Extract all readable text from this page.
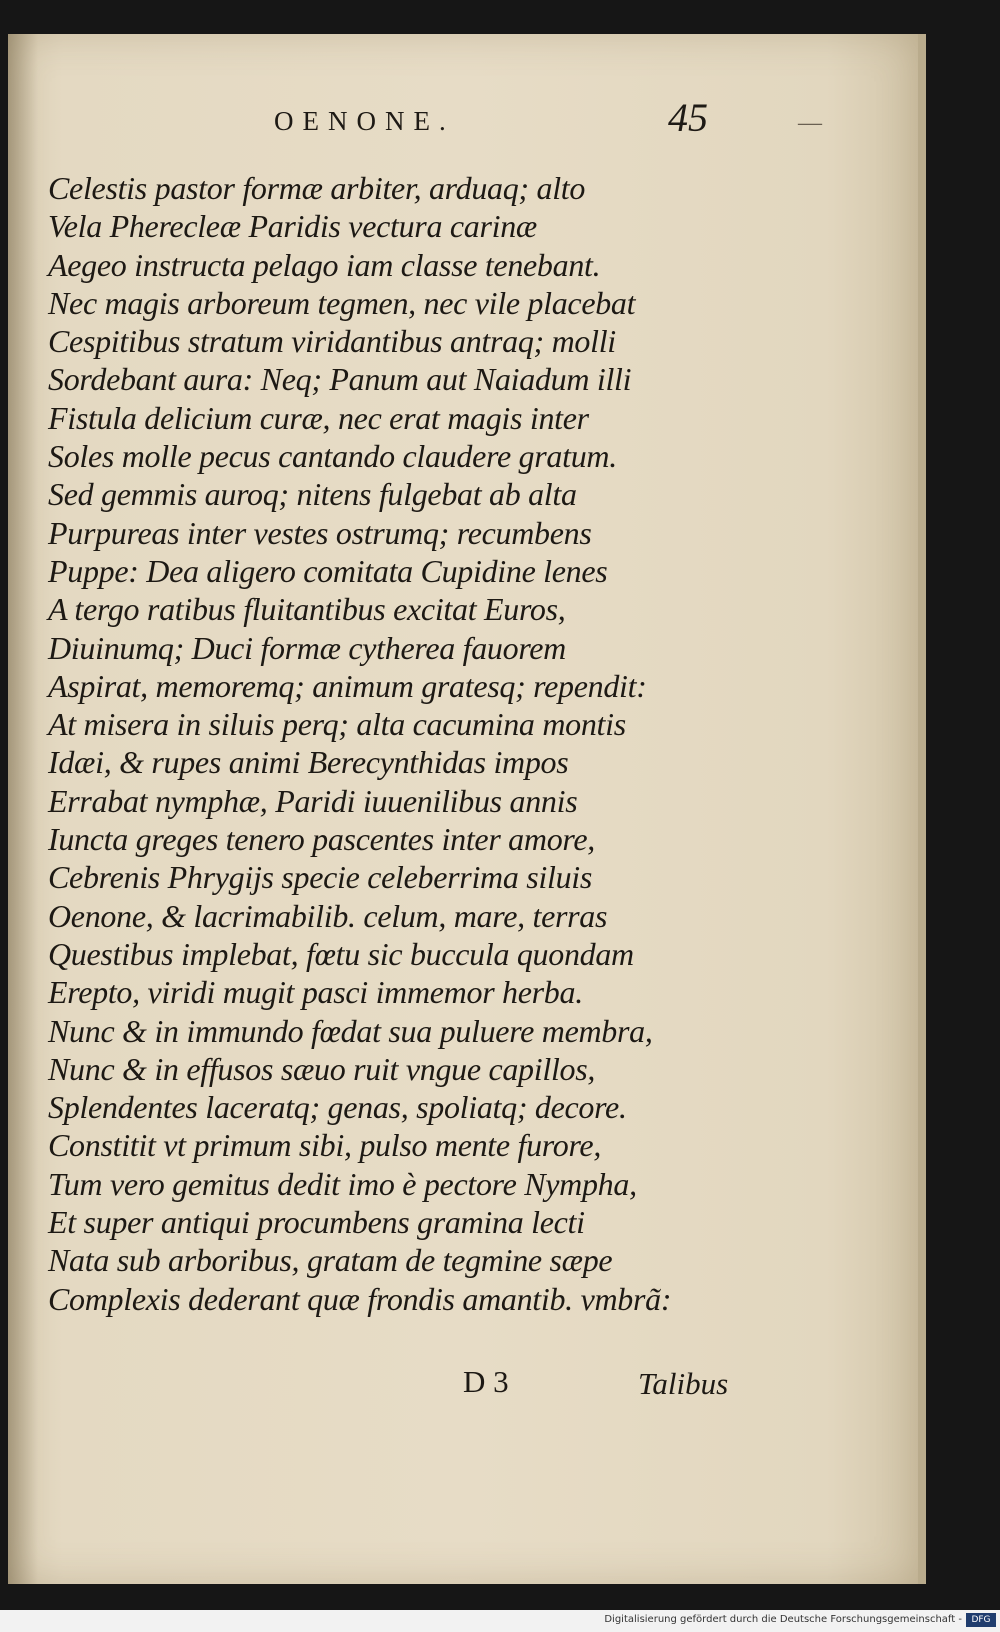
OENONE.	45	—
Celestis pastor formæ arbiter, arduaq; alto
Vela Pherecleæ Paridis vectura carinæ
Aegeo instructa pelago iam classe tenebant.
Nec magis arboreum tegmen, nec vile placebat
Cespitibus stratum viridantibus antraq; molli
Sordebant aura: Neq; Panum aut Naiadum illi
Fistula delicium curæ, nec erat magis inter
Soles molle pecus cantando claudere gratum.
Sed gemmis auroq; nitens fulgebat ab alta
Purpureas inter vestes ostrumq; recumbens
Puppe: Dea aligero comitata Cupidine lenes
A tergo ratibus fluitantibus excitat Euros,
Diuinumq; Duci formæ cytherea fauorem
Aspirat, memoremq; animum gratesq; rependit:
At misera in siluis perq; alta cacumina montis
Idæi, & rupes animi Berecynthidas impos
Errabat nymphæ, Paridi iuuenilibus annis
Iuncta greges tenero pascentes inter amore,
Cebrenis Phrygijs specie celeberrima siluis
Oenone, & lacrimabilib. celum, mare, terras
Questibus implebat, fœtu sic buccula quondam
Erepto, viridi mugit pasci immemor herba.
Nunc & in immundo fœdat sua puluere membra,
Nunc & in effusos sæuo ruit vngue capillos,
Splendentes laceratq; genas, spoliatq; decore.
Constitit vt primum sibi, pulso mente furore,
Tum vero gemitus dedit imo è pectore Nympha,
Et super antiqui procumbens gramina lecti
Nata sub arboribus, gratam de tegmine sæpe
Complexis dederant quæ frondis amantib. vmbrã:
D 3	Talibus
Digitalisierung gefördert durch die Deutsche Forschungsgemeinschaft -	DFG
